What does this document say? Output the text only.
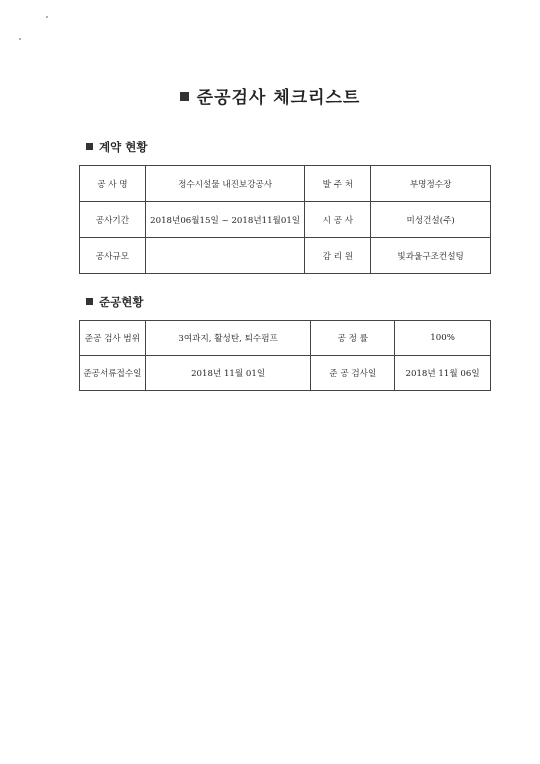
준공검사 체크리스트
계약 현황
공 사 명	정수시설물 내진보강공사	발 주 처	부명정수장
공사기간	2018년06월15일 ~ 2018년11월01일	시 공 사	미성건설(주)
공사규모		감 리 원	빛과울구조컨설팅
준공현황
준공 검사 범위	3여과지, 활성탄, 퇴수펌프	공 정 률	100%
준공서류접수일	2018년 11월 01일	준 공 검사일	2018년 11월 06일
